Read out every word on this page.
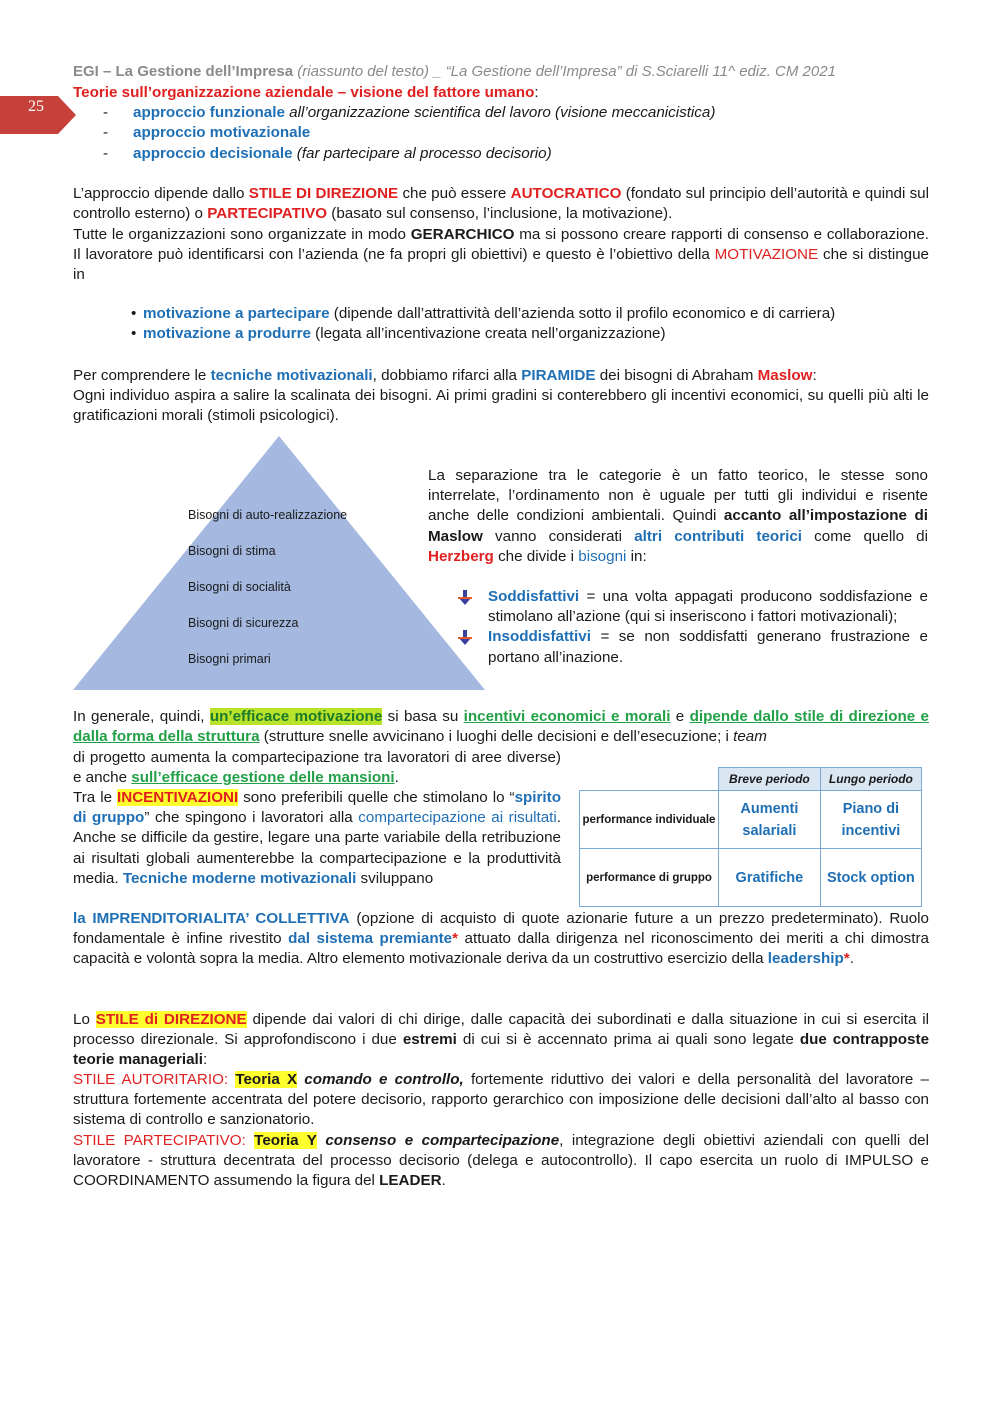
EGI – La Gestione dell’Impresa (riassunto del testo) _ “La Gestione dell’Impresa” di S.Sciarelli 11^ ediz. CM 2021
25
Teorie sull’organizzazione aziendale – visione del fattore umano:
- approccio funzionale all’organizzazione scientifica del lavoro (visione meccanicistica)
- approccio motivazionale
- approccio decisionale (far partecipare al processo decisorio)
L’approccio dipende dallo STILE DI DIREZIONE che può essere AUTOCRATICO (fondato sul principio dell’autorità e quindi sul controllo esterno) o PARTECIPATIVO (basato sul consenso, l’inclusione, la motivazione).
Tutte le organizzazioni sono organizzate in modo GERARCHICO ma si possono creare rapporti di consenso e collaborazione. Il lavoratore può identificarsi con l’azienda (ne fa propri gli obiettivi) e questo è l’obiettivo della MOTIVAZIONE che si distingue in
• motivazione a partecipare (dipende dall’attrattività dell’azienda sotto il profilo economico e di carriera)
• motivazione a produrre (legata all’incentivazione creata nell’organizzazione)
Bisogni di auto-realizzazione
Bisogni di stima
Bisogni di socialità
Bisogni di sicurezza
Bisogni primari
Per comprendere le tecniche motivazionali, dobbiamo rifarci alla PIRAMIDE dei bisogni di Abraham Maslow:
Ogni individuo aspira a salire la scalinata dei bisogni. Ai primi gradini si conterebbero gli incentivi economici, su quelli più alti le gratificazioni morali (stimoli psicologici).
La separazione tra le categorie è un fatto teorico, le stesse sono interrelate, l’ordinamento non è uguale per tutti gli individui e risente anche delle condizioni ambientali. Quindi accanto all’impostazione di Maslow vanno considerati altri contributi teorici come quello di Herzberg che divide i bisogni in:
Soddisfattivi = una volta appagati producono soddisfazione e stimolano all’azione (qui si inseriscono i fattori motivazionali);
Insoddisfattivi = se non soddisfatti generano frustrazione e portano all’inazione.
In generale, quindi, un’efficace motivazione si basa su incentivi economici e morali e dipende dallo stile di direzione e dalla forma della struttura (strutture snelle avvicinano i luoghi delle decisioni e dell’esecuzione; i team
di progetto aumenta la compartecipazione tra lavoratori di aree diverse) e anche sull’efficace gestione delle mansioni.
Tra le INCENTIVAZIONI sono preferibili quelle che stimolano lo “spirito di gruppo” che spingono i lavoratori alla compartecipazione ai risultati. Anche se difficile da gestire, legare una parte variabile della retribuzione ai risultati globali aumenterebbe la compartecipazione e la produttività media. Tecniche moderne motivazionali sviluppano
la IMPRENDITORIALITA’ COLLETTIVA (opzione di acquisto di quote azionarie future a un prezzo predeterminato). Ruolo fondamentale è infine rivestito dal sistema premiante* attuato dalla dirigenza nel riconoscimento dei meriti a chi dimostra capacità e volontà sopra la media. Altro elemento motivazionale deriva da un costruttivo esercizio della leadership*.
	Breve periodo	Lungo periodo
performance individuale	Aumenti salariali	Piano di incentivi
performance di gruppo	Gratifiche	Stock option
Lo STILE di DIREZIONE dipende dai valori di chi dirige, dalle capacità dei subordinati e dalla situazione in cui si esercita il processo direzionale. Si approfondiscono i due estremi di cui si è accennato prima ai quali sono legate due contrapposte teorie manageriali:
STILE AUTORITARIO: Teoria X comando e controllo, fortemente riduttivo dei valori e della personalità del lavoratore – struttura fortemente accentrata del potere decisorio, rapporto gerarchico con imposizione delle decisioni dall’alto al basso con sistema di controllo e sanzionatorio.
STILE PARTECIPATIVO: Teoria Y consenso e compartecipazione, integrazione degli obiettivi aziendali con quelli del lavoratore - struttura decentrata del processo decisorio (delega e autocontrollo). Il capo esercita un ruolo di IMPULSO e COORDINAMENTO assumendo la figura del LEADER.
